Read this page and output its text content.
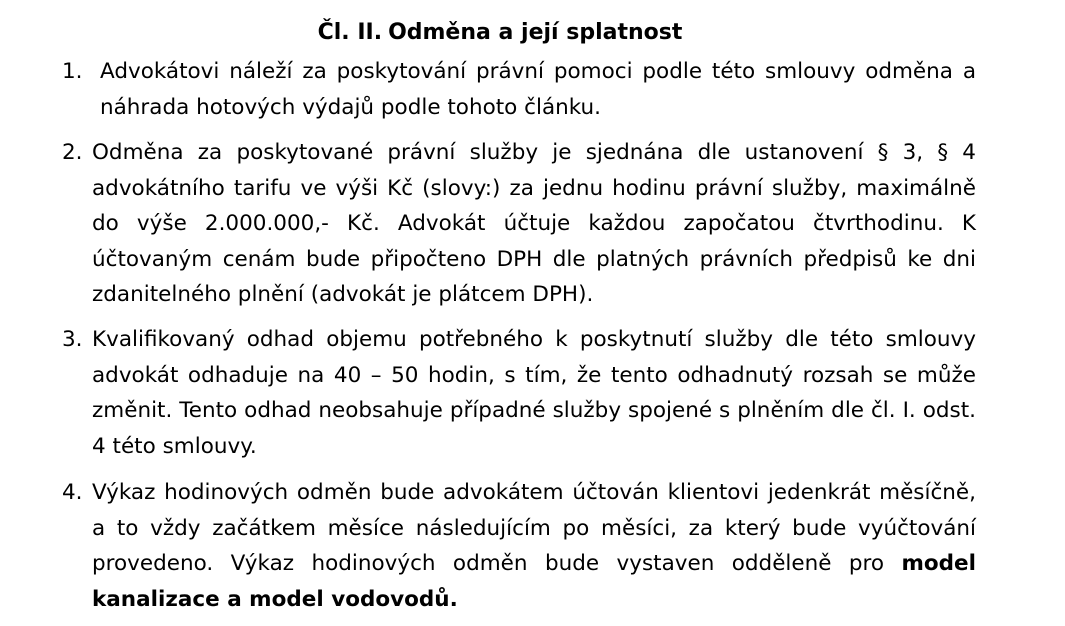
Čl. II. Odměna a její splatnost
1. Advokátovi náleží za poskytování právní pomoci podle této smlouvy odměna a náhrada hotových výdajů podle tohoto článku.
2. Odměna za poskytované právní služby je sjednána dle ustanovení § 3, § 4 advokátního tarifu ve výši Kč (slovy:) za jednu hodinu právní služby, maximálně do výše 2.000.000,- Kč. Advokát účtuje každou započatou čtvrthodinu. K účtovaným cenám bude připočteno DPH dle platných právních předpisů ke dni zdanitelného plnění (advokát je plátcem DPH).
3. Kvalifikovaný odhad objemu potřebného k poskytnutí služby dle této smlouvy advokát odhaduje na 40 – 50 hodin, s tím, že tento odhadnutý rozsah se může změnit. Tento odhad neobsahuje případné služby spojené s plněním dle čl. I. odst. 4 této smlouvy.
4. Výkaz hodinových odměn bude advokátem účtován klientovi jedenkrát měsíčně, a to vždy začátkem měsíce následujícím po měsíci, za který bude vyúčtování provedeno. Výkaz hodinových odměn bude vystaven odděleně pro model kanalizace a model vodovodů.
